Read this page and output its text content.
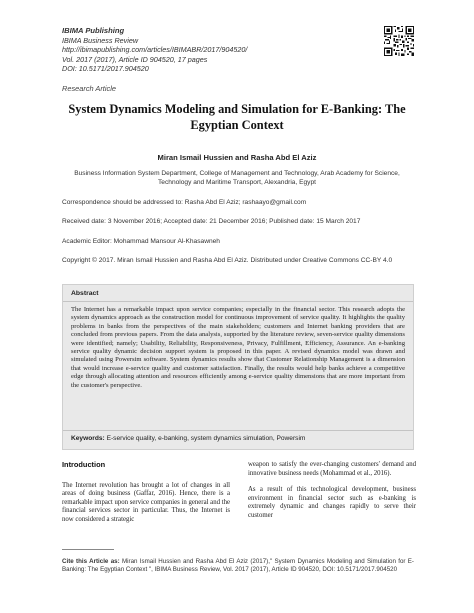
IBIMA Publishing
IBIMA Business Review
http://ibimapublishing.com/articles/IBIMABR/2017/904520/
Vol. 2017 (2017), Article ID 904520, 17 pages
DOI: 10.5171/2017.904520
Research Article
System Dynamics Modeling and Simulation for E-Banking: The Egyptian Context
Miran Ismail Hussien and Rasha Abd El Aziz
Business Information System Department, College of Management and Technology, Arab Academy for Science, Technology and Maritime Transport, Alexandria, Egypt
Correspondence should be addressed to: Rasha Abd El Aziz; rashaayo@gmail.com
Received date: 3 November 2016; Accepted date: 21 December 2016; Published date: 15 March 2017
Academic Editor: Mohammad Mansour Al-Khasawneh
Copyright © 2017. Miran Ismail Hussien and Rasha Abd El Aziz. Distributed under Creative Commons CC-BY 4.0
Abstract
The Internet has a remarkable impact upon service companies; especially in the financial sector. This research adopts the system dynamics approach as the construction model for continuous improvement of service quality. It highlights the quality problems in banks from the perspectives of the main stakeholders; customers and Internet banking providers that are concluded from previous papers. From the data analysis, supported by the literature review, seven-service quality dimensions were identified; namely; Usability, Reliability, Responsiveness, Privacy, Fulfillment, Efficiency, Assurance. An e-banking service quality dynamic decision support system is proposed in this paper. A revised dynamics model was drawn and simulated using Powersim software. System dynamics results show that Customer Relationship Management is a dimension that would increase e-service quality and customer satisfaction. Finally, the results would help banks achieve a competitive edge through allocating attention and resources efficiently among e-service quality dimensions that are more important from the customer's perspective.
Keywords: E-service quality, e-banking, system dynamics simulation, Powersim
Introduction

The Internet revolution has brought a lot of changes in all areas of doing business (Gaffar, 2016). Hence, there is a remarkable impact upon service companies in general and the financial services sector in particular. Thus, the Internet is now considered a strategic

weapon to satisfy the ever-changing customers' demand and innovative business needs (Mohammad et al., 2016).

As a result of this technological development, business environment in financial sector such as e-banking is extremely dynamic and changes rapidly to serve their customer

Cite this Article as: Miran Ismail Hussien and Rasha Abd El Aziz (2017)," System Dynamics Modeling and Simulation for E-Banking: The Egyptian Context ", IBIMA Business Review, Vol. 2017 (2017), Article ID 904520, DOI: 10.5171/2017.904520
